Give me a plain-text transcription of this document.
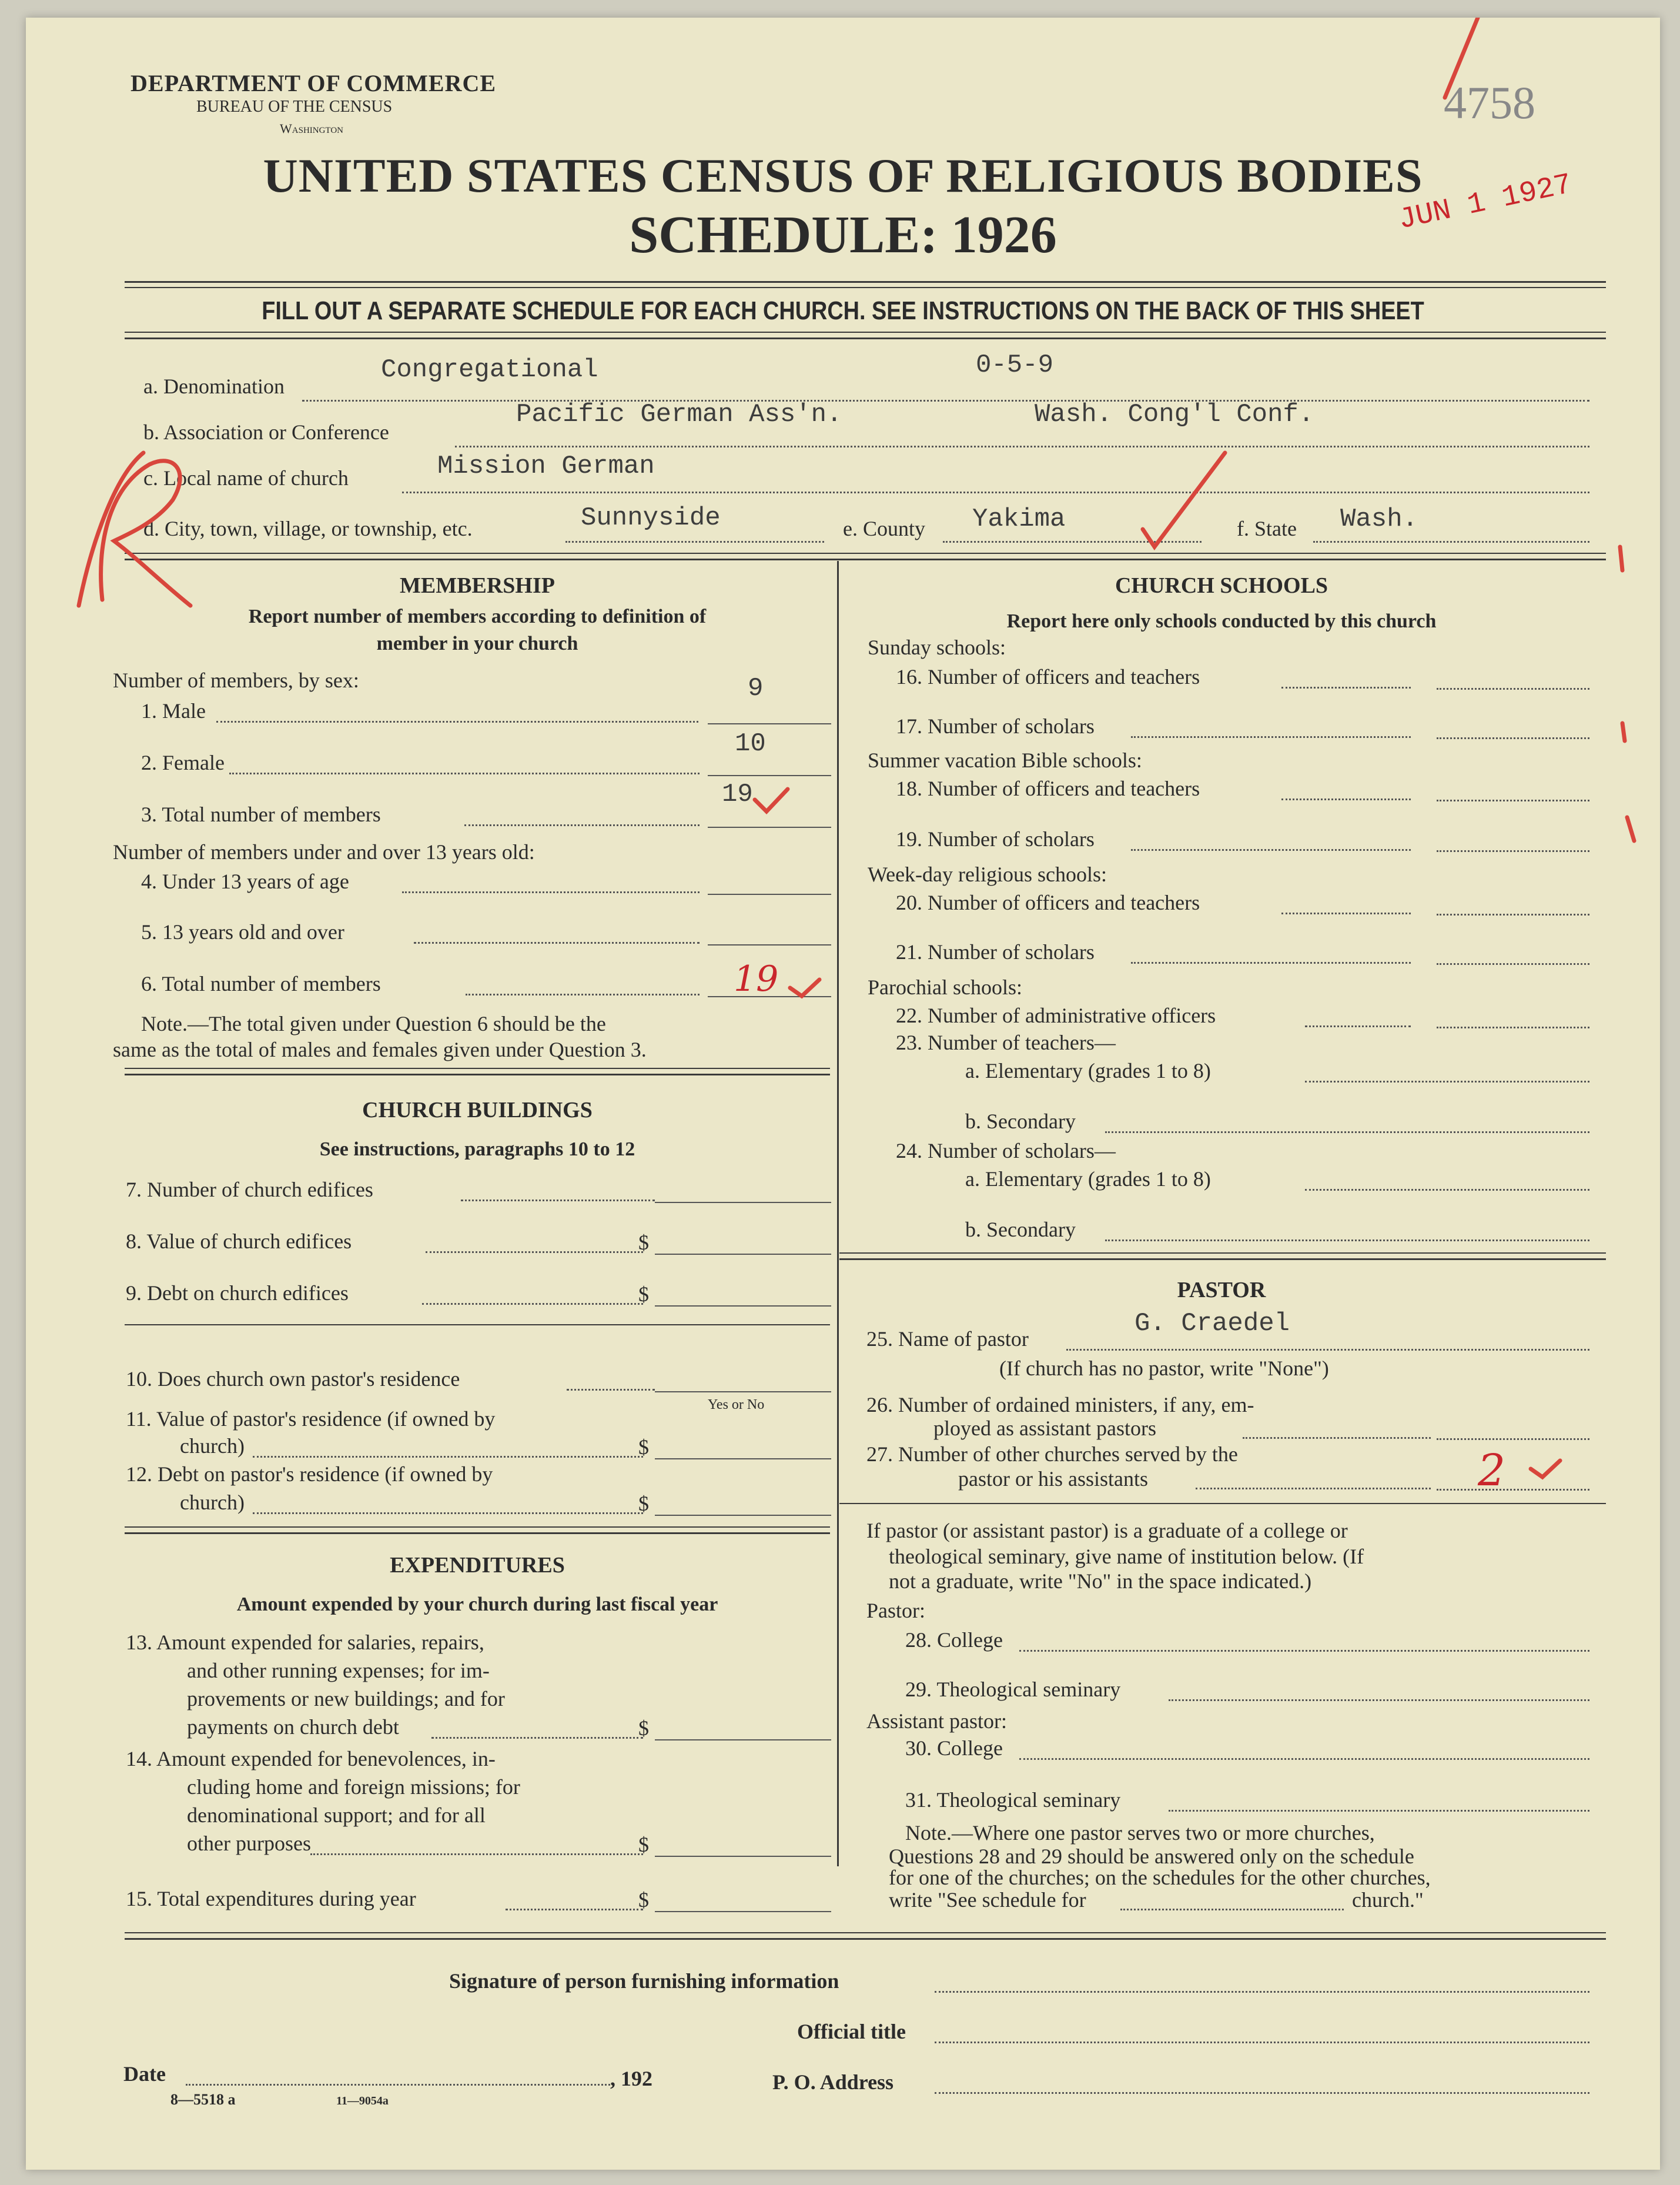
DEPARTMENT OF COMMERCE
BUREAU OF THE CENSUS
Washington
4758
JUN 1 1927
UNITED STATES CENSUS OF RELIGIOUS BODIES
SCHEDULE: 1926
FILL OUT A SEPARATE SCHEDULE FOR EACH CHURCH. SEE INSTRUCTIONS ON THE BACK OF THIS SHEET
a. Denomination
Congregational	0-5-9
b. Association or Conference
Pacific German Ass'n.	Wash. Cong'l Conf.
c. Local name of church	Mission German
d. City, town, village, or township, etc.	Sunnyside	e. County Yakima	f. State Wash.
MEMBERSHIP
Report number of members according to definition of
member in your church
Number of members, by sex:
1. Male
9
2. Female
10
3. Total number of members
19
Number of members under and over 13 years old:
4. Under 13 years of age
5. 13 years old and over
6. Total number of members	19
Note.—The total given under Question 6 should be the
same as the total of males and females given under Question 3.
CHURCH BUILDINGS
See instructions, paragraphs 10 to 12
7. Number of church edifices
8. Value of church edifices	$
9. Debt on church edifices	$
10. Does church own pastor's residence
Yes or No
11. Value of pastor's residence (if owned by
church)	$
12. Debt on pastor's residence (if owned by
church)	$
EXPENDITURES
Amount expended by your church during last fiscal year
13. Amount expended for salaries, repairs,
and other running expenses; for im-
provements or new buildings; and for
payments on church debt	$
14. Amount expended for benevolences, in-
cluding home and foreign missions; for
denominational support; and for all
other purposes	$
15. Total expenditures during year	$
CHURCH SCHOOLS
Report here only schools conducted by this church
Sunday schools:
16. Number of officers and teachers
17. Number of scholars
Summer vacation Bible schools:
18. Number of officers and teachers
19. Number of scholars
Week-day religious schools:
20. Number of officers and teachers
21. Number of scholars
Parochial schools:
22. Number of administrative officers
23. Number of teachers—
a. Elementary (grades 1 to 8)
b. Secondary
24. Number of scholars—
a. Elementary (grades 1 to 8)
b. Secondary
PASTOR
25. Name of pastor
G. Craedel
(If church has no pastor, write "None")
26. Number of ordained ministers, if any, em-
ployed as assistant pastors
27. Number of other churches served by the
pastor or his assistants	2
If pastor (or assistant pastor) is a graduate of a college or
theological seminary, give name of institution below. (If
not a graduate, write "No" in the space indicated.)
Pastor:
28. College
29. Theological seminary
Assistant pastor:
30. College
31. Theological seminary
Note.—Where one pastor serves two or more churches,
Questions 28 and 29 should be answered only on the schedule
for one of the churches; on the schedules for the other churches,
write "See schedule for	church."
Signature of person furnishing information
Official title
Date	, 192	P. O. Address
8—5518 a	11—9054a
